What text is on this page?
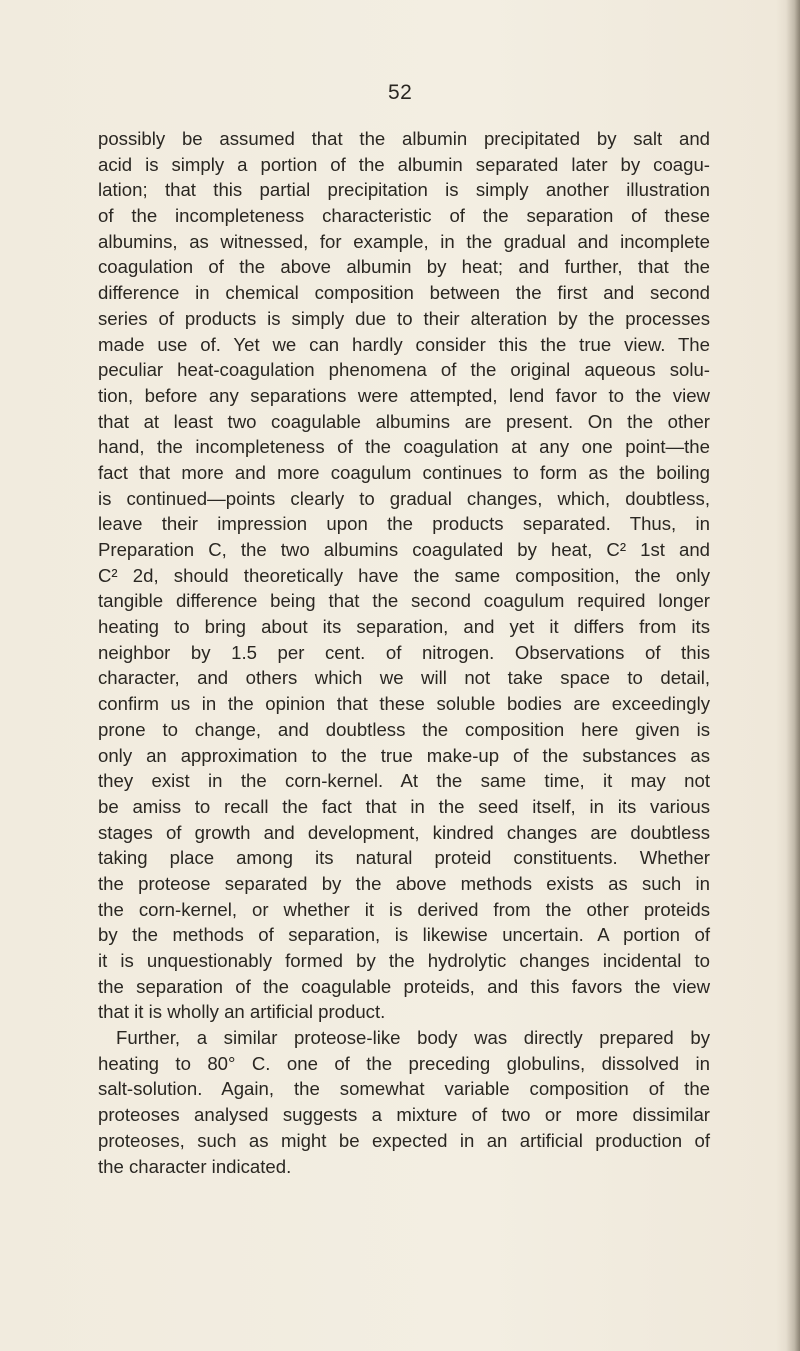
52

possibly be assumed that the albumin precipitated by salt and
acid is simply a portion of the albumin separated later by coagu-
lation; that this partial precipitation is simply another illustration
of the incompleteness characteristic of the separation of these
albumins, as witnessed, for example, in the gradual and incomplete
coagulation of the above albumin by heat; and further, that the
difference in chemical composition between the first and second
series of products is simply due to their alteration by the processes
made use of. Yet we can hardly consider this the true view. The
peculiar heat-coagulation phenomena of the original aqueous solu-
tion, before any separations were attempted, lend favor to the view
that at least two coagulable albumins are present. On the other
hand, the incompleteness of the coagulation at any one point—the
fact that more and more coagulum continues to form as the boiling
is continued—points clearly to gradual changes, which, doubtless,
leave their impression upon the products separated. Thus, in
Preparation C, the two albumins coagulated by heat, C² 1st and
C² 2d, should theoretically have the same composition, the only
tangible difference being that the second coagulum required longer
heating to bring about its separation, and yet it differs from its
neighbor by 1.5 per cent. of nitrogen. Observations of this
character, and others which we will not take space to detail,
confirm us in the opinion that these soluble bodies are exceedingly
prone to change, and doubtless the composition here given is
only an approximation to the true make-up of the substances as
they exist in the corn-kernel. At the same time, it may not
be amiss to recall the fact that in the seed itself, in its various
stages of growth and development, kindred changes are doubtless
taking place among its natural proteid constituents. Whether
the proteose separated by the above methods exists as such in
the corn-kernel, or whether it is derived from the other proteids
by the methods of separation, is likewise uncertain. A portion of
it is unquestionably formed by the hydrolytic changes incidental to
the separation of the coagulable proteids, and this favors the view
that it is wholly an artificial product.
Further, a similar proteose-like body was directly prepared by
heating to 80° C. one of the preceding globulins, dissolved in
salt-solution. Again, the somewhat variable composition of the
proteoses analysed suggests a mixture of two or more dissimilar
proteoses, such as might be expected in an artificial production of
the character indicated.
